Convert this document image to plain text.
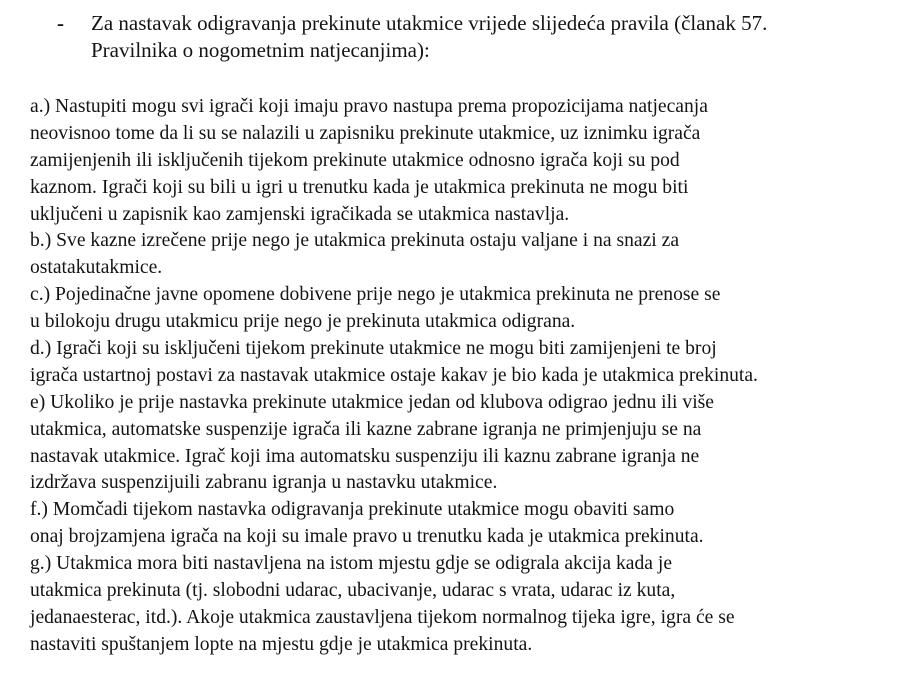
-	Za nastavak odigravanja prekinute utakmice vrijede slijedeća pravila (članak 57.
Pravilnika o nogometnim natjecanjima):
a.) Nastupiti mogu svi igrači koji imaju pravo nastupa prema propozicijama natjecanja
neovisnoo tome da li su se nalazili u zapisniku prekinute utakmice, uz iznimku igrača
zamijenjenih ili isključenih tijekom prekinute utakmice odnosno igrača koji su pod
kaznom. Igrači koji su bili u igri u trenutku kada je utakmica prekinuta ne mogu biti
uključeni u zapisnik kao zamjenski igračikada se utakmica nastavlja.
b.) Sve kazne izrečene prije nego je utakmica prekinuta ostaju valjane i na snazi za
ostatakutakmice.
c.) Pojedinačne javne opomene dobivene prije nego je utakmica prekinuta ne prenose se
u bilokoju drugu utakmicu prije nego je prekinuta utakmica odigrana.
d.) Igrači koji su isključeni tijekom prekinute utakmice ne mogu biti zamijenjeni te broj
igrača ustartnoj postavi za nastavak utakmice ostaje kakav je bio kada je utakmica prekinuta.
e) Ukoliko je prije nastavka prekinute utakmice jedan od klubova odigrao jednu ili više
utakmica, automatske suspenzije igrača ili kazne zabrane igranja ne primjenjuju se na
nastavak utakmice. Igrač koji ima automatsku suspenziju ili kaznu zabrane igranja ne
izdržava suspenzijuili zabranu igranja u nastavku utakmice.
f.) Momčadi tijekom nastavka odigravanja prekinute utakmice mogu obaviti samo
onaj brojzamjena igrača na koji su imale pravo u trenutku kada je utakmica prekinuta.
g.) Utakmica mora biti nastavljena na istom mjestu gdje se odigrala akcija kada je
utakmica prekinuta (tj. slobodni udarac, ubacivanje, udarac s vrata, udarac iz kuta,
jedanaesterac, itd.). Akoje utakmica zaustavljena tijekom normalnog tijeka igre, igra će se
nastaviti spuštanjem lopte na mjestu gdje je utakmica prekinuta.
